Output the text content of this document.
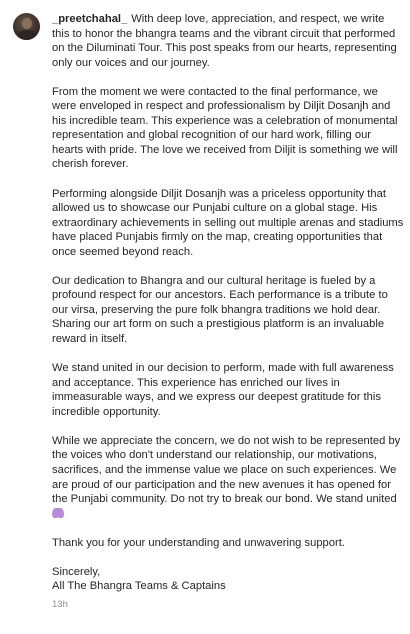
_preetchahal_ With deep love, appreciation, and respect, we write this to honor the bhangra teams and the vibrant circuit that performed on the Diluminati Tour. This post speaks from our hearts, representing only our voices and our journey.

From the moment we were contacted to the final performance, we were enveloped in respect and professionalism by Diljit Dosanjh and his incredible team. This experience was a celebration of monumental representation and global recognition of our hard work, filling our hearts with pride. The love we received from Diljit is something we will cherish forever.

Performing alongside Diljit Dosanjh was a priceless opportunity that allowed us to showcase our Punjabi culture on a global stage. His extraordinary achievements in selling out multiple arenas and stadiums have placed Punjabis firmly on the map, creating opportunities that once seemed beyond reach.

Our dedication to Bhangra and our cultural heritage is fueled by a profound respect for our ancestors. Each performance is a tribute to our virsa, preserving the pure folk bhangra traditions we hold dear. Sharing our art form on such a prestigious platform is an invaluable reward in itself.

We stand united in our decision to perform, made with full awareness and acceptance. This experience has enriched our lives in immeasurable ways, and we express our deepest gratitude for this incredible opportunity.

While we appreciate the concern, we do not wish to be represented by the voices who don't understand our relationship, our motivations, sacrifices, and the immense value we place on such experiences. We are proud of our participation and the new avenues it has opened for the Punjabi community. Do not try to break our bond. We stand united

Thank you for your understanding and unwavering support.

Sincerely,

All The Bhangra Teams & Captains

13h
